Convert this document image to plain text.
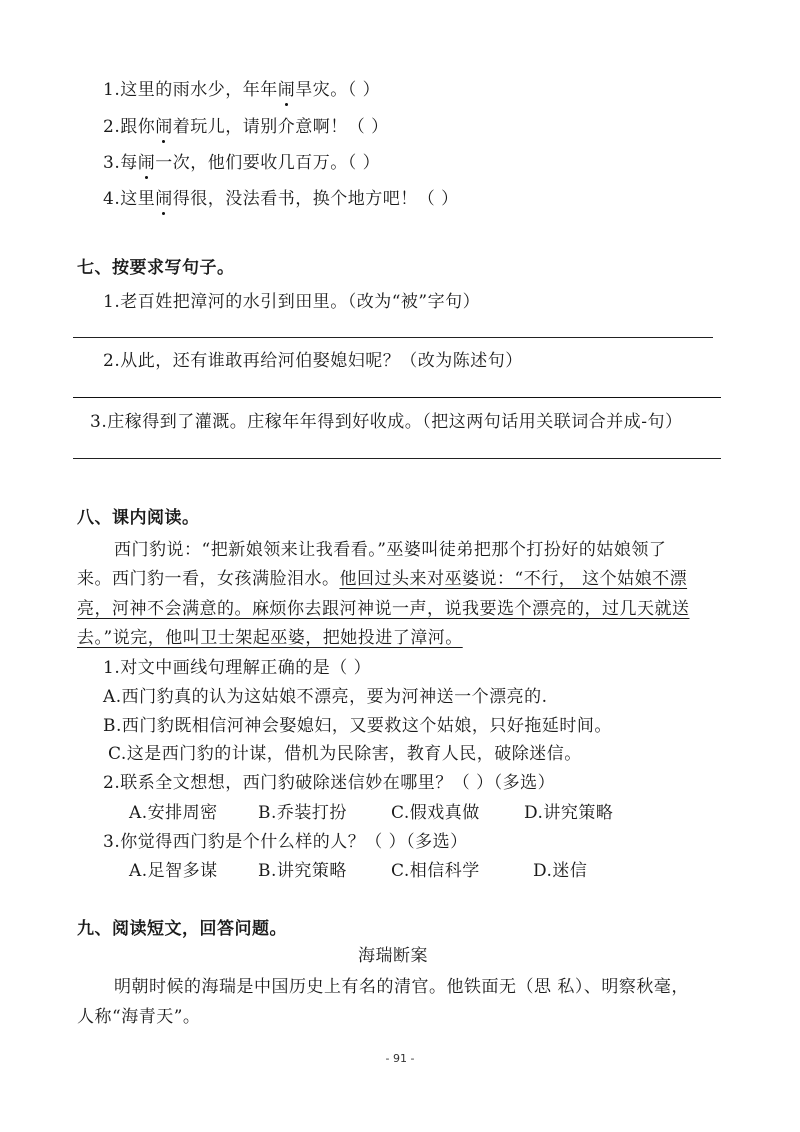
1.这里的雨水少，年年闹旱灾。（ ）
2.跟你闹着玩儿，请别介意啊！（ ）
3.每闹一次，他们要收几百万。（ ）
4.这里闹得很，没法看书，换个地方吧！（ ）
七、按要求写句子。
1.老百姓把漳河的水引到田里。（改为“被”字句）
2.从此，还有谁敢再给河伯娶媳妇呢？（改为陈述句）
3.庄稼得到了灌溉。庄稼年年得到好收成。（把这两句话用关联词合并成-句）
八、课内阅读。
西门豹说：“把新娘领来让我看看。”巫婆叫徒弟把那个打扮好的姑娘领了
来。西门豹一看，女孩满脸泪水。他回过头来对巫婆说：“不行， 这个姑娘不漂
亮，河神不会满意的。麻烦你去跟河神说一声，说我要选个漂亮的，过几天就送
去。”说完，他叫卫士架起巫婆，把她投进了漳河。
1.对文中画线句理解正确的是（ ）
A.西门豹真的认为这姑娘不漂亮，要为河神送一个漂亮的.
B.西门豹既相信河神会娶媳妇，又要救这个姑娘，只好拖延时间。
C.这是西门豹的计谋，借机为民除害，教育人民，破除迷信。
2.联系全文想想，西门豹破除迷信妙在哪里？（ ）（多选）
A.安排周密 B.乔装打扮	C.假戏真做	D.讲究策略
3.你觉得西门豹是个什么样的人？（ ）（多选）
A.足智多谋 B.讲究策略	C.相信科学	D.迷信
九、阅读短文，回答问题。
海瑞断案
明朝时候的海瑞是中国历史上有名的清官。他铁面无（思 私）、明察秋毫，
人称“海青天”。
- 91 -
